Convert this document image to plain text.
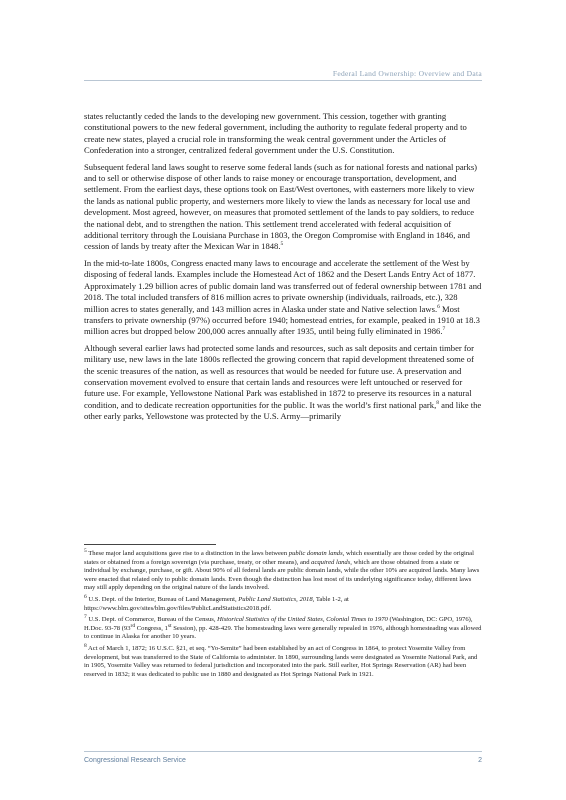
Federal Land Ownership: Overview and Data

states reluctantly ceded the lands to the developing new government. This cession, together with granting constitutional powers to the new federal government, including the authority to regulate federal property and to create new states, played a crucial role in transforming the weak central government under the Articles of Confederation into a stronger, centralized federal government under the U.S. Constitution.

Subsequent federal land laws sought to reserve some federal lands (such as for national forests and national parks) and to sell or otherwise dispose of other lands to raise money or encourage transportation, development, and settlement. From the earliest days, these options took on East/West overtones, with easterners more likely to view the lands as national public property, and westerners more likely to view the lands as necessary for local use and development. Most agreed, however, on measures that promoted settlement of the lands to pay soldiers, to reduce the national debt, and to strengthen the nation. This settlement trend accelerated with federal acquisition of additional territory through the Louisiana Purchase in 1803, the Oregon Compromise with England in 1846, and cession of lands by treaty after the Mexican War in 1848.$^5$

In the mid-to-late 1800s, Congress enacted many laws to encourage and accelerate the settlement of the West by disposing of federal lands. Examples include the Homestead Act of 1862 and the Desert Lands Entry Act of 1877. Approximately 1.29 billion acres of public domain land was transferred out of federal ownership between 1781 and 2018. The total included transfers of 816 million acres to private ownership (individuals, railroads, etc.), 328 million acres to states generally, and 143 million acres in Alaska under state and Native selection laws.$^6$ Most transfers to private ownership (97%) occurred before 1940; homestead entries, for example, peaked in 1910 at 18.3 million acres but dropped below 200,000 acres annually after 1935, until being fully eliminated in 1986.$^7$

Although several earlier laws had protected some lands and resources, such as salt deposits and certain timber for military use, new laws in the late 1800s reflected the growing concern that rapid development threatened some of the scenic treasures of the nation, as well as resources that would be needed for future use. A preservation and conservation movement evolved to ensure that certain lands and resources were left untouched or reserved for future use. For example, Yellowstone National Park was established in 1872 to preserve its resources in a natural condition, and to dedicate recreation opportunities for the public. It was the world’s first national park,$^8$ and like the other early parks, Yellowstone was protected by the U.S. Army—primarily

$^5$ These major land acquisitions gave rise to a distinction in the laws between public domain lands, which essentially are those ceded by the original states or obtained from a foreign sovereign (via purchase, treaty, or other means), and acquired lands, which are those obtained from a state or individual by exchange, purchase, or gift. About 90% of all federal lands are public domain lands, while the other 10% are acquired lands. Many laws were enacted that related only to public domain lands. Even though the distinction has lost most of its underlying significance today, different laws may still apply depending on the original nature of the lands involved.

$^6$ U.S. Dept. of the Interior, Bureau of Land Management, Public Land Statistics, 2018, Table 1-2, at https://www.blm.gov/sites/blm.gov/files/PublicLandStatistics2018.pdf.

$^7$ U.S. Dept. of Commerce, Bureau of the Census, Historical Statistics of the United States, Colonial Times to 1970 (Washington, DC: GPO, 1976), H.Doc. 93-78 (93rd Congress, 1st Session), pp. 428-429. The homesteading laws were generally repealed in 1976, although homesteading was allowed to continue in Alaska for another 10 years.

$^8$ Act of March 1, 1872; 16 U.S.C. §21, et seq. “Yo-Semite” had been established by an act of Congress in 1864, to protect Yosemite Valley from development, but was transferred to the State of California to administer. In 1890, surrounding lands were designated as Yosemite National Park, and in 1905, Yosemite Valley was returned to federal jurisdiction and incorporated into the park. Still earlier, Hot Springs Reservation (AR) had been reserved in 1832; it was dedicated to public use in 1880 and designated as Hot Springs National Park in 1921.

Congressional Research Service	2
